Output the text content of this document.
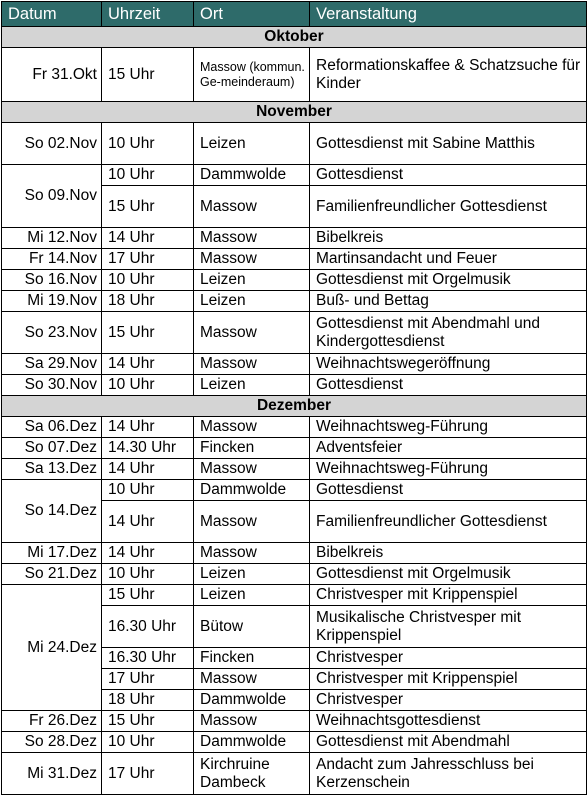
Datum	Uhrzeit	Ort	Veranstaltung
Oktober			
Fr 31.Okt	15 Uhr	Massow (kommun. Ge-meinderaum)	Reformationskaffee & Schatzsuche für Kinder
November			
So 02.Nov	10 Uhr	Leizen	Gottesdienst mit Sabine Matthis
So 09.Nov	10 Uhr	Dammwolde	Gottesdienst
	15 Uhr	Massow	Familienfreundlicher Gottesdienst
Mi 12.Nov	14 Uhr	Massow	Bibelkreis
Fr 14.Nov	17 Uhr	Massow	Martinsandacht und Feuer
So 16.Nov	10 Uhr	Leizen	Gottesdienst mit Orgelmusik
Mi 19.Nov	18 Uhr	Leizen	Buß- und Bettag
So 23.Nov	15 Uhr	Massow	Gottesdienst mit Abendmahl und Kindergottesdienst
Sa 29.Nov	14 Uhr	Massow	Weihnachtswegeröffnung
So 30.Nov	10 Uhr	Leizen	Gottesdienst
Dezember			
Sa 06.Dez	14 Uhr	Massow	Weihnachtsweg-Führung
So 07.Dez	14.30 Uhr	Fincken	Adventsfeier
Sa 13.Dez	14 Uhr	Massow	Weihnachtsweg-Führung
So 14.Dez	10 Uhr	Dammwolde	Gottesdienst
	14 Uhr	Massow	Familienfreundlicher Gottesdienst
Mi 17.Dez	14 Uhr	Massow	Bibelkreis
So 21.Dez	10 Uhr	Leizen	Gottesdienst mit Orgelmusik
Mi 24.Dez	15 Uhr	Leizen	Christvesper mit Krippenspiel
	16.30 Uhr	Bütow	Musikalische Christvesper mit Krippenspiel
	16.30 Uhr	Fincken	Christvesper
	17 Uhr	Massow	Christvesper mit Krippenspiel
	18 Uhr	Dammwolde	Christvesper
Fr 26.Dez	15 Uhr	Massow	Weihnachtsgottesdienst
So 28.Dez	10 Uhr	Dammwolde	Gottesdienst mit Abendmahl
Mi 31.Dez	17 Uhr	Kirchruine Dambeck	Andacht zum Jahresschluss bei Kerzenschein
